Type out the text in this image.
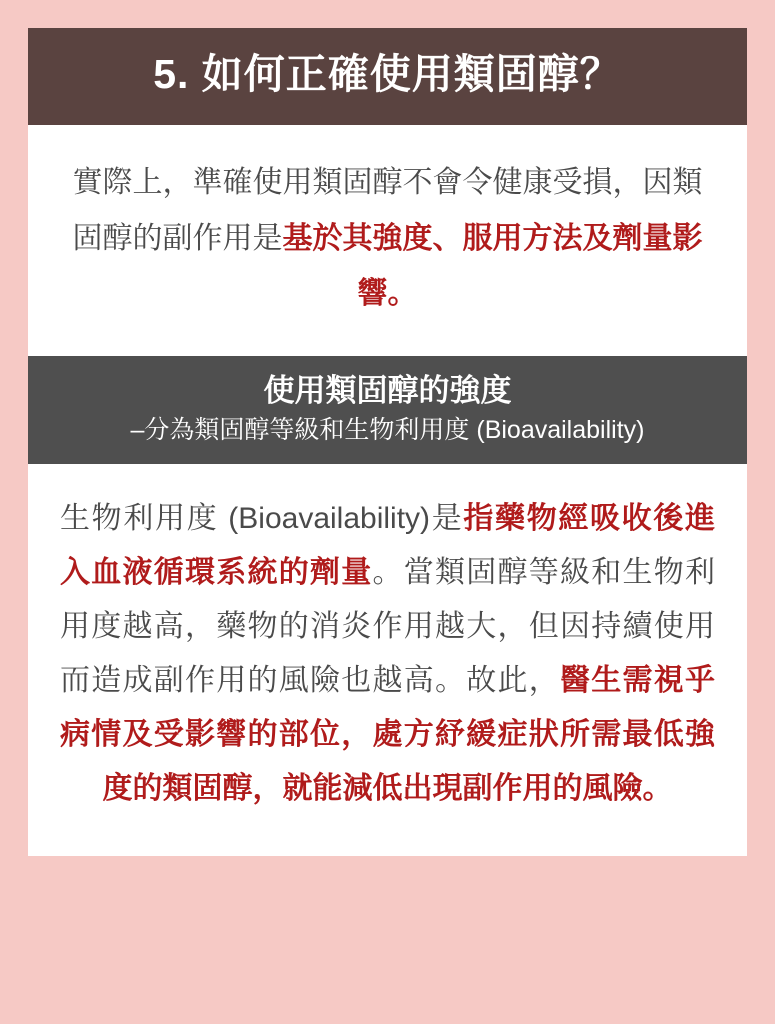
5. 如何正確使用類固醇？

實際上，準確使用類固醇不會令健康受損，因類固醇的副作用是基於其強度、服用方法及劑量影響。

使用類固醇的強度
–分為類固醇等級和生物利用度 (Bioavailability)

生物利用度 (Bioavailability)是指藥物經吸收後進入血液循環系統的劑量。當類固醇等級和生物利用度越高，藥物的消炎作用越大，但因持續使用而造成副作用的風險也越高。故此，醫生需視乎病情及受影響的部位，處方紓緩症狀所需最低強度的類固醇，就能減低出現副作用的風險。
